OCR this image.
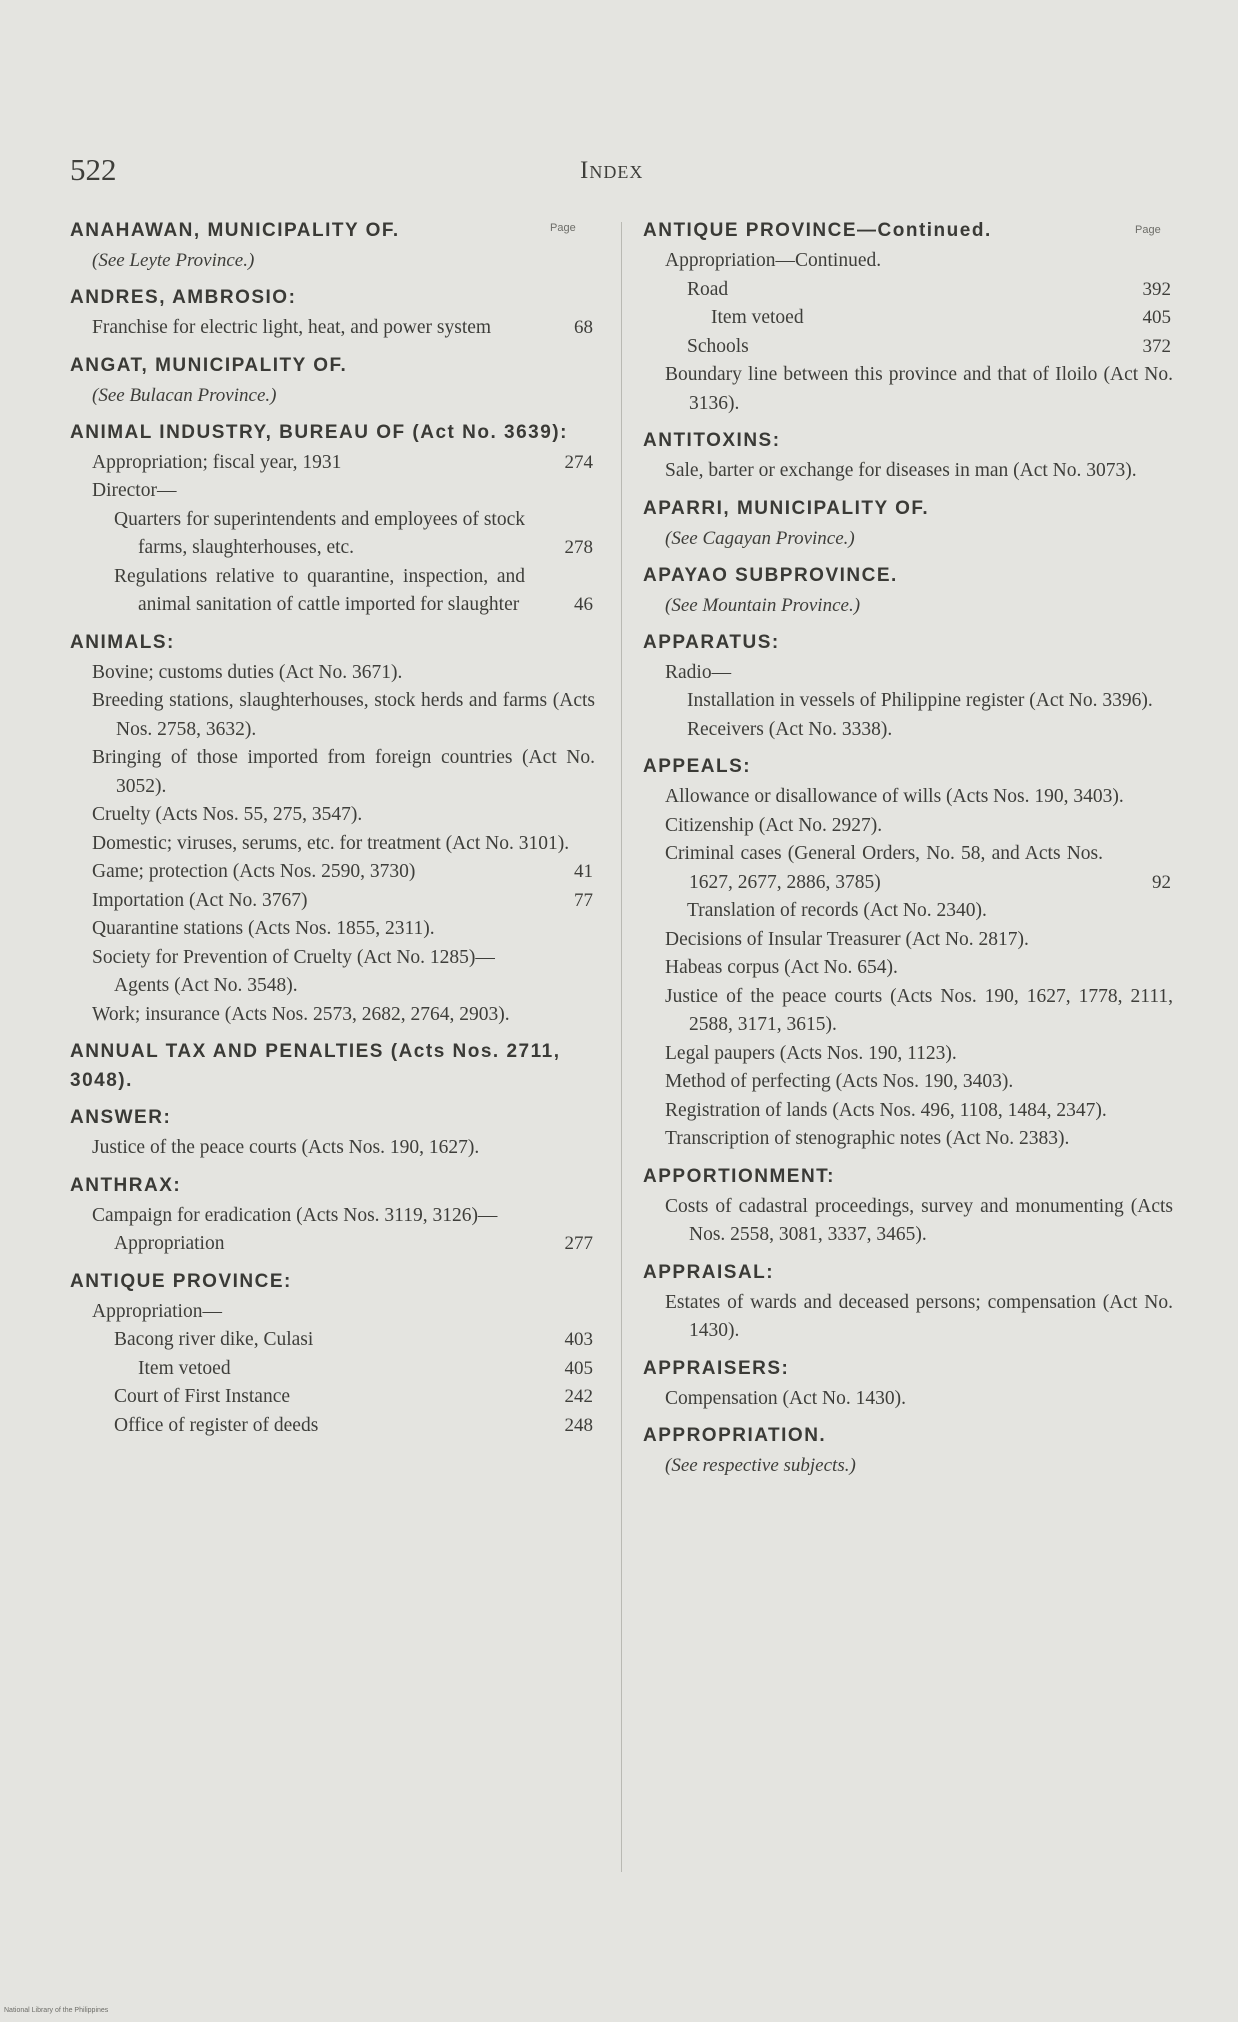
522	Index
Page	Page
ANAHAWAN, MUNICIPALITY OF.
(See Leyte Province.)
ANDRES, AMBROSIO:
Franchise for electric light, heat, and power system	68
ANGAT, MUNICIPALITY OF.
(See Bulacan Province.)
ANIMAL INDUSTRY, BUREAU OF (Act No. 3639):
Appropriation; fiscal year, 1931	274
Director—
Quarters for superintendents and employees of stock farms, slaughterhouses, etc.	278
Regulations relative to quarantine, inspection, and animal sanitation of cattle imported for slaughter	46
ANIMALS:
Bovine; customs duties (Act No. 3671).
Breeding stations, slaughterhouses, stock herds and farms (Acts Nos. 2758, 3632).
Bringing of those imported from foreign countries (Act No. 3052).
Cruelty (Acts Nos. 55, 275, 3547).
Domestic; viruses, serums, etc. for treatment (Act No. 3101).
Game; protection (Acts Nos. 2590, 3730)	41
Importation (Act No. 3767)	77
Quarantine stations (Acts Nos. 1855, 2311).
Society for Prevention of Cruelty (Act No. 1285)—
Agents (Act No. 3548).
Work; insurance (Acts Nos. 2573, 2682, 2764, 2903).
ANNUAL TAX AND PENALTIES (Acts Nos. 2711, 3048).
ANSWER:
Justice of the peace courts (Acts Nos. 190, 1627).
ANTHRAX:
Campaign for eradication (Acts Nos. 3119, 3126)—
Appropriation	277
ANTIQUE PROVINCE:
Appropriation—
Bacong river dike, Culasi	403
Item vetoed	405
Court of First Instance	242
Office of register of deeds	248
ANTIQUE PROVINCE—Continued.
Appropriation—Continued.
Road	392
Item vetoed	405
Schools	372
Boundary line between this province and that of Iloilo (Act No. 3136).
ANTITOXINS:
Sale, barter or exchange for diseases in man (Act No. 3073).
APARRI, MUNICIPALITY OF.
(See Cagayan Province.)
APAYAO SUBPROVINCE.
(See Mountain Province.)
APPARATUS:
Radio—
Installation in vessels of Philippine register (Act No. 3396).
Receivers (Act No. 3338).
APPEALS:
Allowance or disallowance of wills (Acts Nos. 190, 3403).
Citizenship (Act No. 2927).
Criminal cases (General Orders, No. 58, and Acts Nos. 1627, 2677, 2886, 3785)	92
Translation of records (Act No. 2340).
Decisions of Insular Treasurer (Act No. 2817).
Habeas corpus (Act No. 654).
Justice of the peace courts (Acts Nos. 190, 1627, 1778, 2111, 2588, 3171, 3615).
Legal paupers (Acts Nos. 190, 1123).
Method of perfecting (Acts Nos. 190, 3403).
Registration of lands (Acts Nos. 496, 1108, 1484, 2347).
Transcription of stenographic notes (Act No. 2383).
APPORTIONMENT:
Costs of cadastral proceedings, survey and monumenting (Acts Nos. 2558, 3081, 3337, 3465).
APPRAISAL:
Estates of wards and deceased persons; compensation (Act No. 1430).
APPRAISERS:
Compensation (Act No. 1430).
APPROPRIATION.
(See respective subjects.)
National Library of the Philippines
